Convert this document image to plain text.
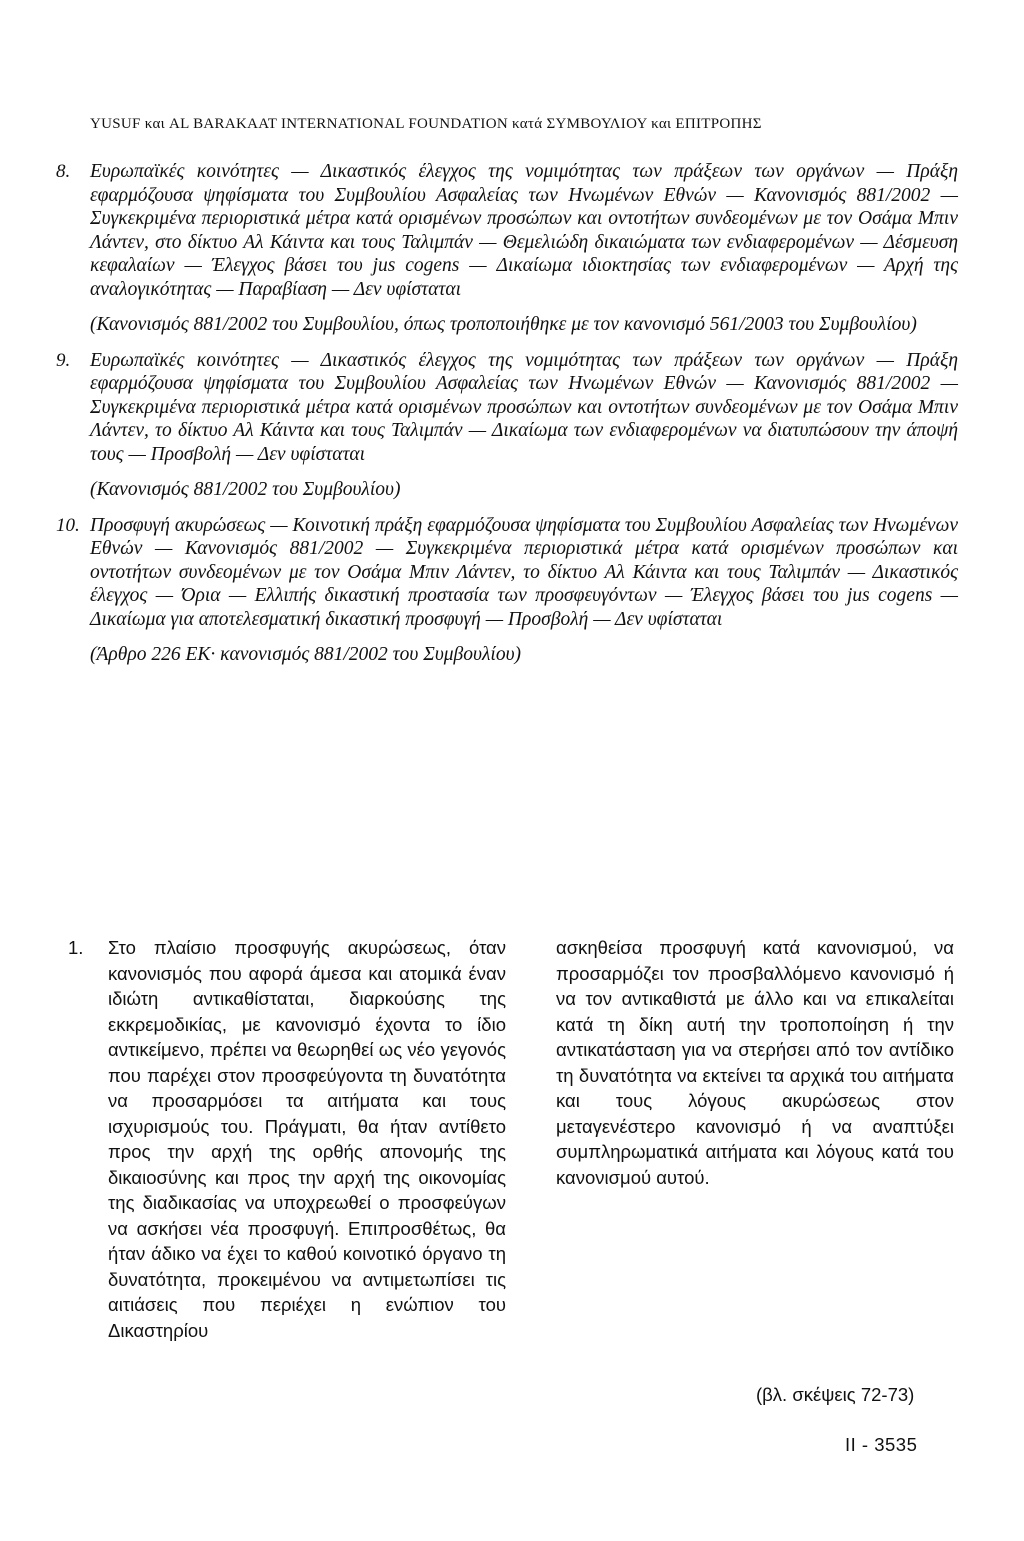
YUSUF και AL BARAKAAT INTERNATIONAL FOUNDATION κατά ΣΥΜΒΟΥΛΙΟΥ και ΕΠΙΤΡΟΠΗΣ
8.	Ευρωπαϊκές κοινότητες — Δικαστικός έλεγχος της νομιμότητας των πράξεων των οργάνων — Πράξη εφαρμόζουσα ψηφίσματα του Συμβουλίου Ασφαλείας των Ηνωμένων Εθνών — Κανονισμός 881/2002 — Συγκεκριμένα περιοριστικά μέτρα κατά ορισμένων προσώπων και οντοτήτων συνδεομένων με τον Οσάμα Μπιν Λάντεν, στο δίκτυο Αλ Κάιντα και τους Ταλιμπάν — Θεμελιώδη δικαιώματα των ενδιαφερομένων — Δέσμευση κεφαλαίων — Έλεγχος βάσει του jus cogens — Δικαίωμα ιδιοκτησίας των ενδιαφερομένων — Αρχή της αναλογικότητας — Παραβίαση — Δεν υφίσταται

(Κανονισμός 881/2002 του Συμβουλίου, όπως τροποποιήθηκε με τον κανονισμό 561/2003 του Συμβουλίου)

9.	Ευρωπαϊκές κοινότητες — Δικαστικός έλεγχος της νομιμότητας των πράξεων των οργάνων — Πράξη εφαρμόζουσα ψηφίσματα του Συμβουλίου Ασφαλείας των Ηνωμένων Εθνών — Κανονισμός 881/2002 — Συγκεκριμένα περιοριστικά μέτρα κατά ορισμένων προσώπων και οντοτήτων συνδεομένων με τον Οσάμα Μπιν Λάντεν, το δίκτυο Αλ Κάιντα και τους Ταλιμπάν — Δικαίωμα των ενδιαφερομένων να διατυπώσουν την άποψή τους — Προσβολή — Δεν υφίσταται

(Κανονισμός 881/2002 του Συμβουλίου)

10. Προσφυγή ακυρώσεως — Κοινοτική πράξη εφαρμόζουσα ψηφίσματα του Συμβουλίου Ασφαλείας των Ηνωμένων Εθνών — Κανονισμός 881/2002 — Συγκεκριμένα περιοριστικά μέτρα κατά ορισμένων προσώπων και οντοτήτων συνδεομένων με τον Οσάμα Μπιν Λάντεν, το δίκτυο Αλ Κάιντα και τους Ταλιμπάν — Δικαστικός έλεγχος — Όρια — Ελλιπής δικαστική προστασία των προσφευγόντων — Έλεγχος βάσει του jus cogens — Δικαίωμα για αποτελεσματική δικαστική προσφυγή — Προσβολή — Δεν υφίσταται

(Άρθρο 226 ΕΚ· κανονισμός 881/2002 του Συμβουλίου)

1.	Στο πλαίσιο προσφυγής ακυρώσεως, όταν κανονισμός που αφορά άμεσα και ατομικά έναν ιδιώτη αντικαθίσταται, διαρκούσης της εκκρεμοδικίας, με κανονισμό έχοντα το ίδιο αντικείμενο, πρέπει να θεωρηθεί ως νέο γεγονός που παρέχει στον προσφεύγοντα τη δυνατότητα να προσαρμόσει τα αιτήματα και τους ισχυρισμούς του. Πράγματι, θα ήταν αντίθετο προς την αρχή της ορθής απονομής της δικαιοσύνης και προς την αρχή της οικονομίας της διαδικασίας να υποχρεωθεί ο προσφεύγων να ασκήσει νέα προσφυγή. Επιπροσθέτως, θα ήταν άδικο να έχει το καθού κοινοτικό όργανο τη δυνατότητα, προκειμένου να αντιμετωπίσει τις αιτιάσεις που περιέχει η ενώπιον του Δικαστηρίου

ασκηθείσα προσφυγή κατά κανονισμού, να προσαρμόζει τον προσβαλλόμενο κανονισμό ή να τον αντικαθιστά με άλλο και να επικαλείται κατά τη δίκη αυτή την τροποποίηση ή την αντικατάσταση για να στερήσει από τον αντίδικο τη δυνατότητα να εκτείνει τα αρχικά του αιτήματα και τους λόγους ακυρώσεως στον μεταγενέστερο κανονισμό ή να αναπτύξει συμπληρωματικά αιτήματα και λόγους κατά του κανονισμού αυτού.

(βλ. σκέψεις 72-73)
II - 3535
